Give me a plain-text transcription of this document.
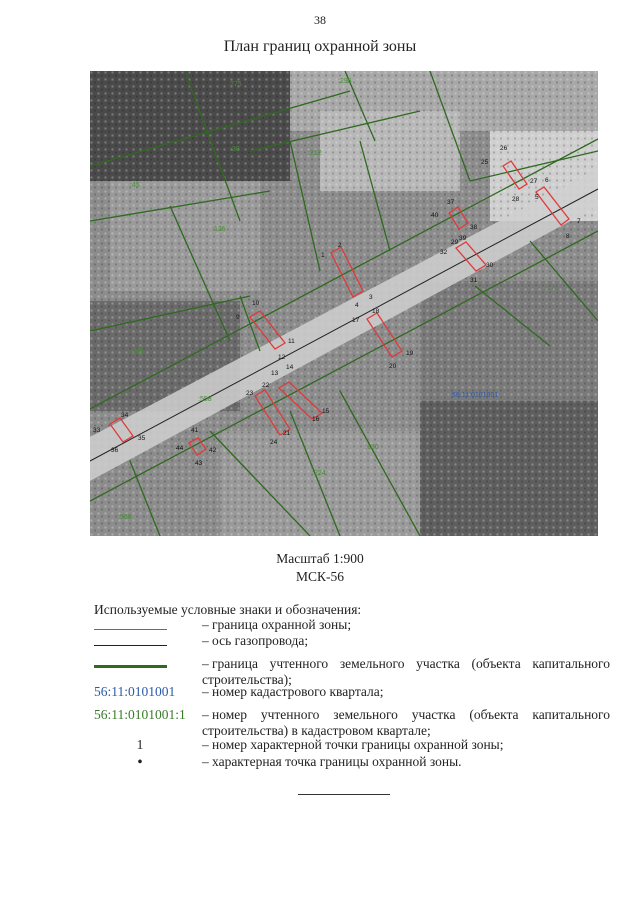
38
План границ охранной зоны
:275	:298
:38
:212
:45
:126
:175
:165
:558
:130
:224
:568
56:11:0101001
1
2
3
4
5
6
7
8
9
10
11
12
13
14
15
16
17
18
19
20
21
22
23
24
25
26
27
28
29
30
31
32
33
34
35
36
37
38
39
40
41
42
43
44
Масштаб 1:900
МСК-56
Используемые условные знаки и обозначения:
– граница охранной зоны;
– ось газопровода;
– граница учтенного земельного участка (объекта капитального строительства);
56:11:0101001	– номер кадастрового квартала;
56:11:0101001:1	– номер учтенного земельного участка (объекта капитального строительства) в кадастровом квартале;
1	– номер характерной точки границы охранной зоны;
•	– характерная точка границы охранной зоны.
